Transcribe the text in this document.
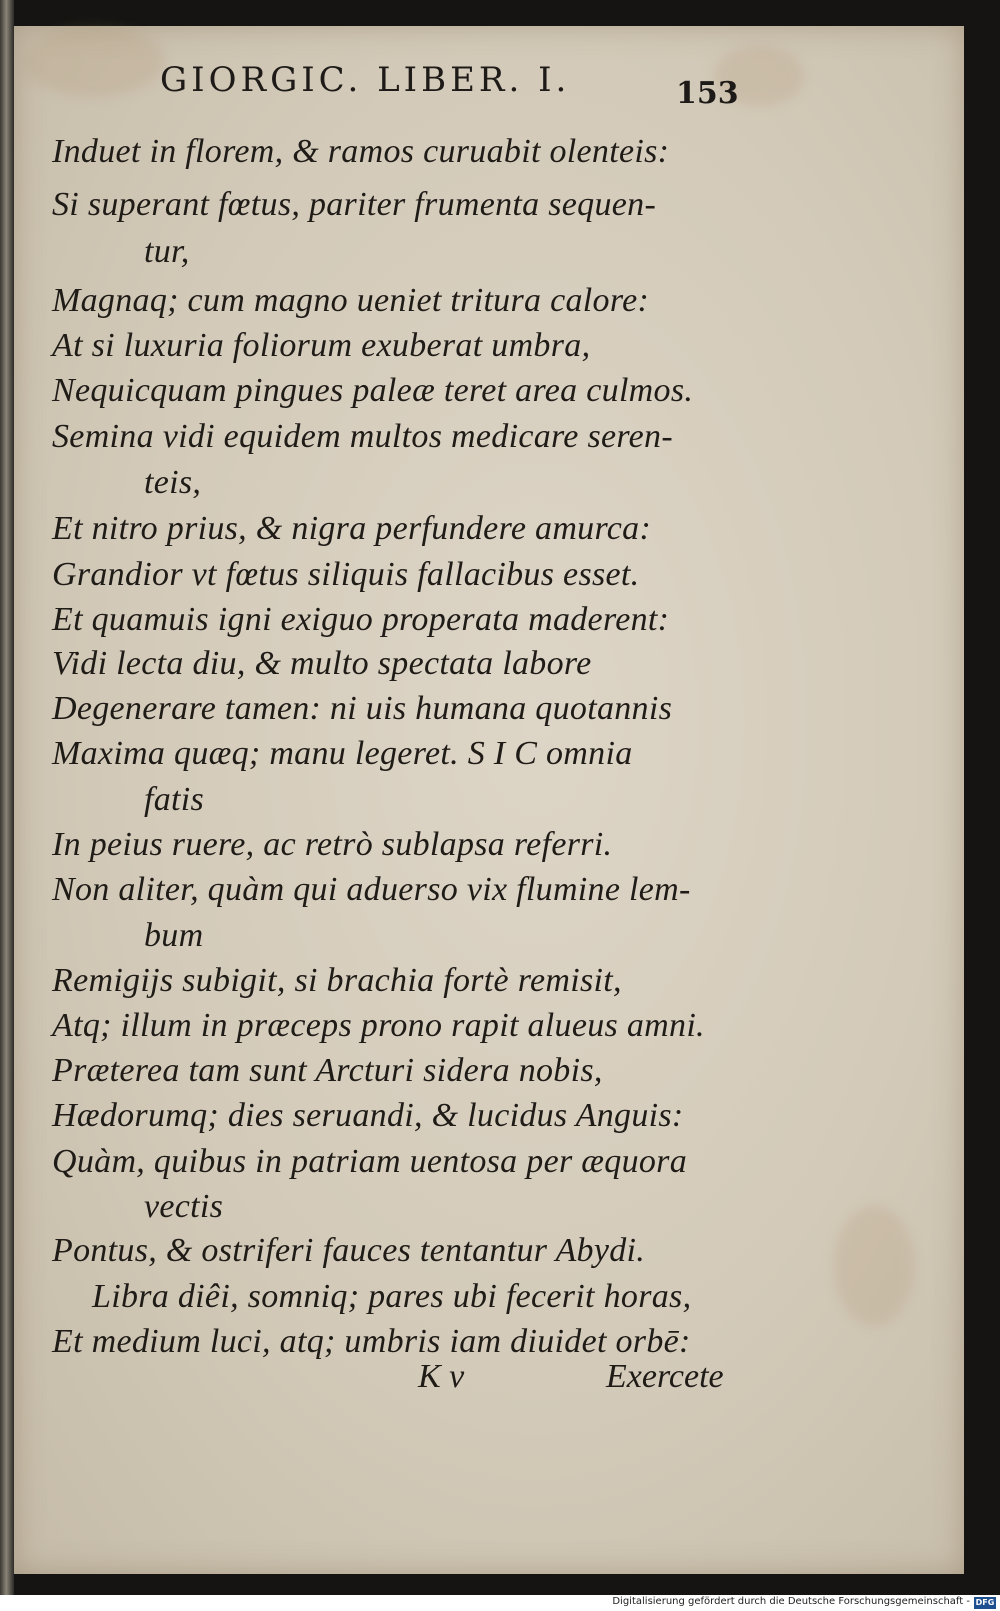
GIORGIC. LIBER. I.	153
Induet in florem, & ramos curuabit olenteis:
Si superant fœtus, pariter frumenta sequen-
tur,
Magnaq; cum magno ueniet tritura calore:
At si luxuria foliorum exuberat umbra,
Nequicquam pingues paleæ teret area culmos.
Semina vidi equidem multos medicare seren-
teis,
Et nitro prius, & nigra perfundere amurca:
Grandior vt fœtus siliquis fallacibus esset.
Et quamuis igni exiguo properata maderent:
Vidi lecta diu, & multo spectata labore
Degenerare tamen: ni uis humana quotannis
Maxima quæq; manu legeret. S I C omnia
fatis
In peius ruere, ac retrò sublapsa referri.
Non aliter, quàm qui aduerso vix flumine lem-
bum
Remigijs subigit, si brachia fortè remisit,
Atq; illum in præceps prono rapit alueus amni.
Præterea tam sunt Arcturi sidera nobis,
Hædorumq; dies seruandi, & lucidus Anguis:
Quàm, quibus in patriam uentosa per æquora
vectis
Pontus, & ostriferi fauces tentantur Abydi.
Libra diêi, somniq; pares ubi fecerit horas,
Et medium luci, atq; umbris iam diuidet orbē:
K v	Exercete
Digitalisierung gefördert durch die Deutsche Forschungsgemeinschaft - DFG
